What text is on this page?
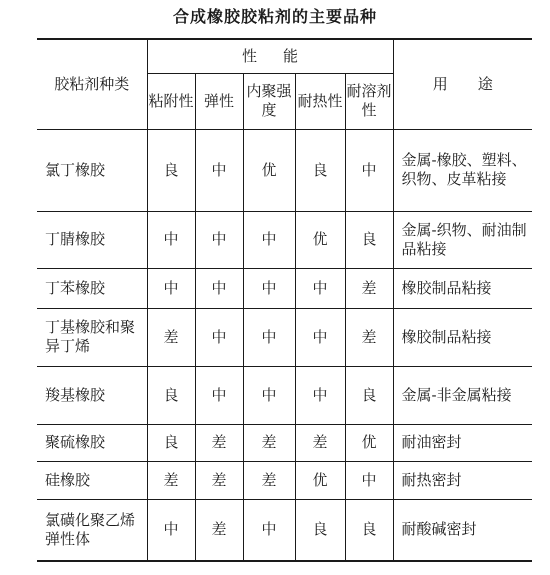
合成橡胶胶粘剂的主要品种
胶粘剂种类	性能					用途
	粘附性	弹性	内聚强度	耐热性	耐溶剂性	
氯丁橡胶	良	中	优	良	中	金属-橡胶、塑料、织物、皮革粘接
丁腈橡胶	中	中	中	优	良	金属-织物、耐油制品粘接
丁苯橡胶	中	中	中	中	差	橡胶制品粘接
丁基橡胶和聚异丁烯	差	中	中	中	差	橡胶制品粘接
羧基橡胶	良	中	中	中	良	金属-非金属粘接
聚硫橡胶	良	差	差	差	优	耐油密封
硅橡胶	差	差	差	优	中	耐热密封
氯磺化聚乙烯弹性体	中	差	中	良	良	耐酸碱密封
